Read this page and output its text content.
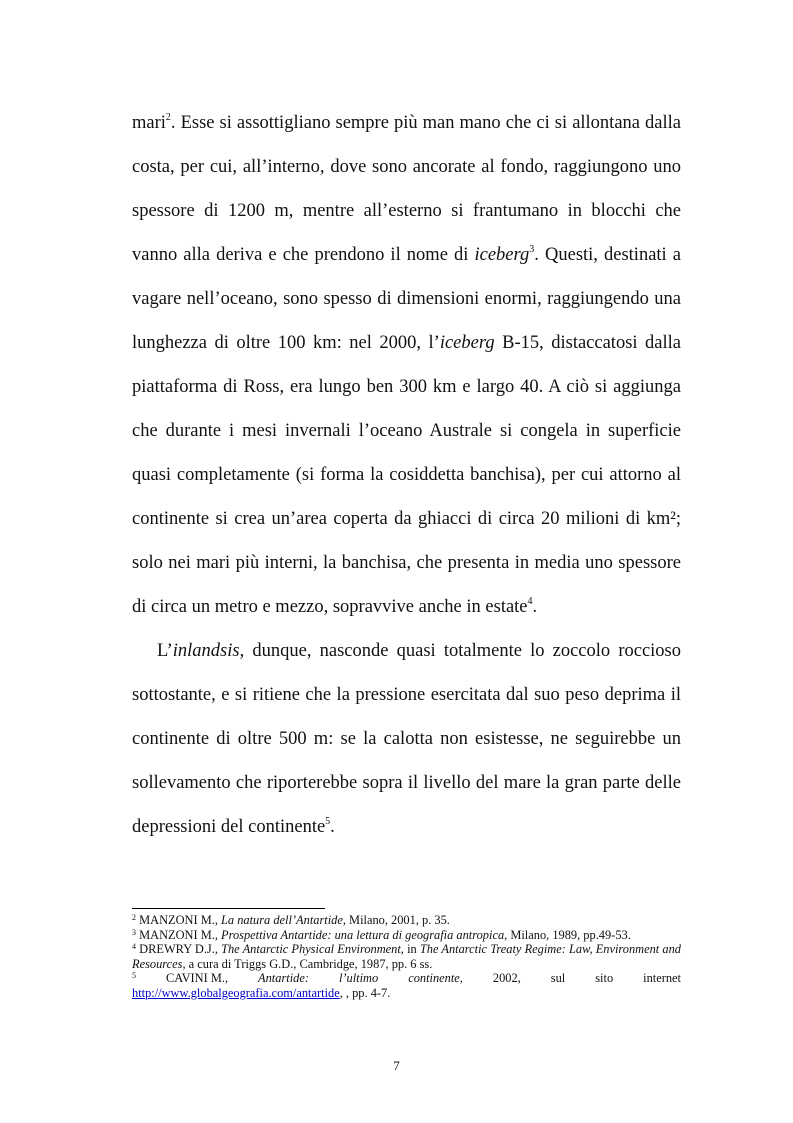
mari$^2$. Esse si assottigliano sempre più man mano che ci si allontana dalla costa, per cui, all’interno, dove sono ancorate al fondo, raggiungono uno spessore di 1200 m, mentre all’esterno si frantumano in blocchi che vanno alla deriva e che prendono il nome di iceberg$^3$. Questi, destinati a vagare nell’oceano, sono spesso di dimensioni enormi, raggiungendo una lunghezza di oltre 100 km: nel 2000, l’iceberg B-15, distaccatosi dalla piattaforma di Ross, era lungo ben 300 km e largo 40. A ciò si aggiunga che durante i mesi invernali l’oceano Australe si congela in superficie quasi completamente (si forma la cosiddetta banchisa), per cui attorno al continente si crea un’area coperta da ghiacci di circa 20 milioni di km²; solo nei mari più interni, la banchisa, che presenta in media uno spessore di circa un metro e mezzo, sopravvive anche in estate$^4$.

L’inlandsis, dunque, nasconde quasi totalmente lo zoccolo roccioso sottostante, e si ritiene che la pressione esercitata dal suo peso deprima il continente di oltre 500 m: se la calotta non esistesse, ne seguirebbe un sollevamento che riporterebbe sopra il livello del mare la gran parte delle depressioni del continente$^5$.

$^2$ MANZONI M., La natura dell’Antartide, Milano, 2001, p. 35.

$^3$ MANZONI M., Prospettiva Antartide: una lettura di geografia antropica, Milano, 1989, pp.49-53.

$^4$ DREWRY D.J., The Antarctic Physical Environment, in The Antarctic Treaty Regime: Law, Environment and Resources, a cura di Triggs G.D., Cambridge, 1987, pp. 6 ss.

$^5$ CAVINI M., Antartide: l’ultimo continente, 2002, sul sito internet
http://www.globalgeografia.com/antartide, , pp. 4-7.
7
